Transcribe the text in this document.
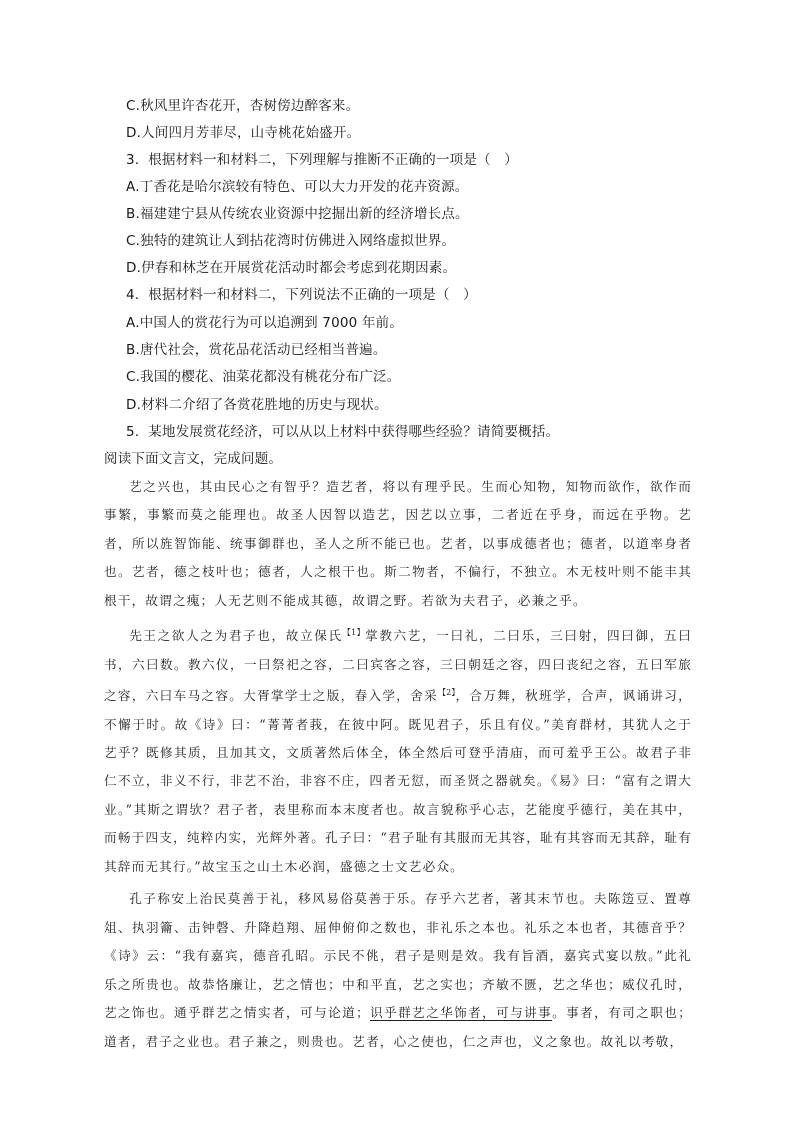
C.秋风里许杏花开，杏树傍边醉客来。
D.人间四月芳菲尽，山寺桃花始盛开。
3.  根据材料一和材料二，下列理解与推断不正确的一项是（   ）
A.丁香花是哈尔滨较有特色、可以大力开发的花卉资源。
B.福建建宁县从传统农业资源中挖掘出新的经济增长点。
C.独特的建筑让人到拈花湾时仿佛进入网络虚拟世界。
D.伊春和林芝在开展赏花活动时都会考虑到花期因素。
4.  根据材料一和材料二，下列说法不正确的一项是（   ）
A.中国人的赏花行为可以追溯到 7000 年前。
B.唐代社会，赏花品花活动已经相当普遍。
C.我国的樱花、油菜花都没有桃花分布广泛。
D.材料二介绍了各赏花胜地的历史与现状。
5.  某地发展赏花经济，可以从以上材料中获得哪些经验？请简要概括。
阅读下面文言文，完成问题。

艺之兴也，其由民心之有智乎？造艺者，将以有理乎民。生而心知物，知物而欲作，欲作而事繁，事繁而莫之能理也。故圣人因智以造艺，因艺以立事，二者近在乎身，而远在乎物。艺者，所以旌智饰能、统事御群也，圣人之所不能已也。艺者，以事成德者也；德者，以道率身者也。艺者，德之枝叶也；德者，人之根干也。斯二物者，不偏行，不独立。木无枝叶则不能丰其根干，故谓之瘣；人无艺则不能成其德，故谓之野。若欲为夫君子，必兼之乎。

先王之欲人之为君子也，故立保氏$^{【1】}$掌教六艺，一曰礼，二曰乐，三曰射，四曰御，五曰书，六曰数。教六仪，一曰祭祀之容，二曰宾客之容，三曰朝廷之容，四曰丧纪之容，五曰军旅之容，六曰车马之容。大胥掌学士之版，春入学，舍采$^{【2】}$，合万舞，秋班学，合声，讽诵讲习，不懈于时。故《诗》曰：“菁菁者莪，在彼中阿。既见君子，乐且有仪。”美育群材，其犹人之于艺乎？既修其质，且加其文，文质著然后体全，体全然后可登乎清庙，而可羞乎王公。故君子非仁不立，非义不行，非艺不治，非容不庄，四者无愆，而圣贤之器就矣。《易》曰：“富有之谓大业。”其斯之谓欤？君子者，表里称而本末度者也。故言貌称乎心志，艺能度乎德行，美在其中，而畅于四支，纯粹内实，光辉外著。孔子曰：“君子耻有其服而无其容，耻有其容而无其辞，耻有其辞而无其行。”故宝玉之山土木必润，盛德之士文艺必众。

孔子称安上治民莫善于礼，移风易俗莫善于乐。存乎六艺者，著其末节也。夫陈笾豆、置尊俎、执羽籥、击钟磬、升降趋翔、屈伸俯仰之数也，非礼乐之本也。礼乐之本也者，其德音乎？《诗》云：“我有嘉宾，德音孔昭。示民不佻，君子是则是效。我有旨酒，嘉宾式宴以敖。”此礼乐之所贵也。故恭恪廉让，艺之情也；中和平直，艺之实也；齐敏不匮，艺之华也；威仪孔时，艺之饰也。通乎群艺之情实者，可与论道；识乎群艺之华饰者，可与讲事。事者，有司之职也；道者，君子之业也。君子兼之，则贵也。艺者，心之使也，仁之声也，义之象也。故礼以考敬，
